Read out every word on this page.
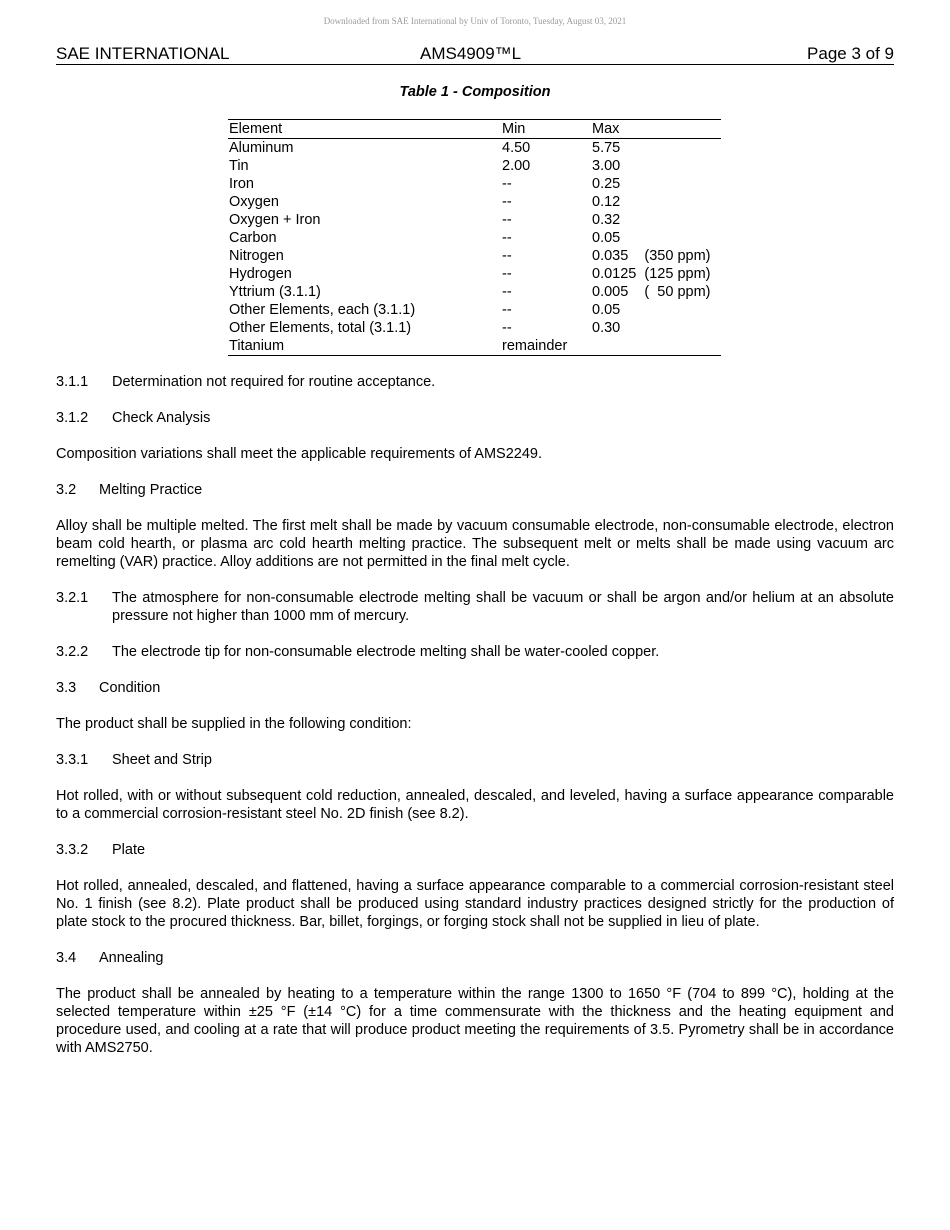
Downloaded from SAE International by Univ of Toronto, Tuesday, August 03, 2021
SAE INTERNATIONAL	AMS4909™L	Page 3 of 9
Table 1 - Composition
Element	Min	Max
Aluminum	4.50	5.75
Tin	2.00	3.00
Iron	--	0.25
Oxygen	--	0.12
Oxygen + Iron	--	0.32
Carbon	--	0.05
Nitrogen	--	0.035    (350 ppm)
Hydrogen	--	0.0125  (125 ppm)
Yttrium (3.1.1)	--	0.005    (  50 ppm)
Other Elements, each (3.1.1)	--	0.05
Other Elements, total (3.1.1)	--	0.30
Titanium	remainder	

3.1.1 Determination not required for routine acceptance.

3.1.2 Check Analysis

Composition variations shall meet the applicable requirements of AMS2249.

3.2 Melting Practice

Alloy shall be multiple melted. The first melt shall be made by vacuum consumable electrode, non-consumable electrode, electron beam cold hearth, or plasma arc cold hearth melting practice. The subsequent melt or melts shall be made using vacuum arc remelting (VAR) practice. Alloy additions are not permitted in the final melt cycle.

3.2.1 The atmosphere for non-consumable electrode melting shall be vacuum or shall be argon and/or helium at an absolute pressure not higher than 1000 mm of mercury.

3.2.2 The electrode tip for non-consumable electrode melting shall be water-cooled copper.

3.3 Condition

The product shall be supplied in the following condition:

3.3.1 Sheet and Strip

Hot rolled, with or without subsequent cold reduction, annealed, descaled, and leveled, having a surface appearance comparable to a commercial corrosion-resistant steel No. 2D finish (see 8.2).

3.3.2 Plate

Hot rolled, annealed, descaled, and flattened, having a surface appearance comparable to a commercial corrosion-resistant steel No. 1 finish (see 8.2). Plate product shall be produced using standard industry practices designed strictly for the production of plate stock to the procured thickness. Bar, billet, forgings, or forging stock shall not be supplied in lieu of plate.

3.4 Annealing

The product shall be annealed by heating to a temperature within the range 1300 to 1650 °F (704 to 899 °C), holding at the selected temperature within ±25 °F (±14 °C) for a time commensurate with the thickness and the heating equipment and procedure used, and cooling at a rate that will produce product meeting the requirements of 3.5. Pyrometry shall be in accordance with AMS2750.
